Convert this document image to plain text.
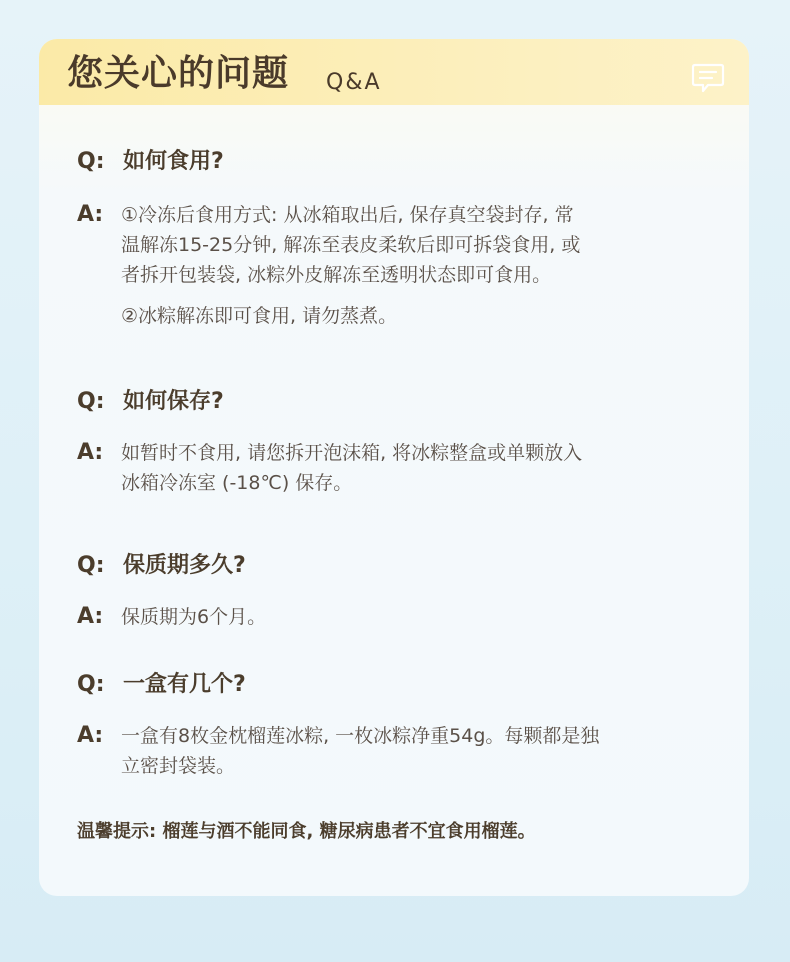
您关心的问题 Q&A
Q: 如何食用?
A: ①冷冻后食用方式: 从冰箱取出后, 保存真空袋封存, 常
温解冻15-25分钟, 解冻至表皮柔软后即可拆袋食用, 或
者拆开包装袋, 冰粽外皮解冻至透明状态即可食用。
②冰粽解冻即可食用, 请勿蒸煮。
Q: 如何保存?
A: 如暂时不食用, 请您拆开泡沫箱, 将冰粽整盒或单颗放入
冰箱冷冻室 (-18℃) 保存。
Q: 保质期多久?
A: 保质期为6个月。
Q: 一盒有几个?
A: 一盒有8枚金枕榴莲冰粽, 一枚冰粽净重54g。每颗都是独
立密封袋装。
温馨提示: 榴莲与酒不能同食, 糖尿病患者不宜食用榴莲。
